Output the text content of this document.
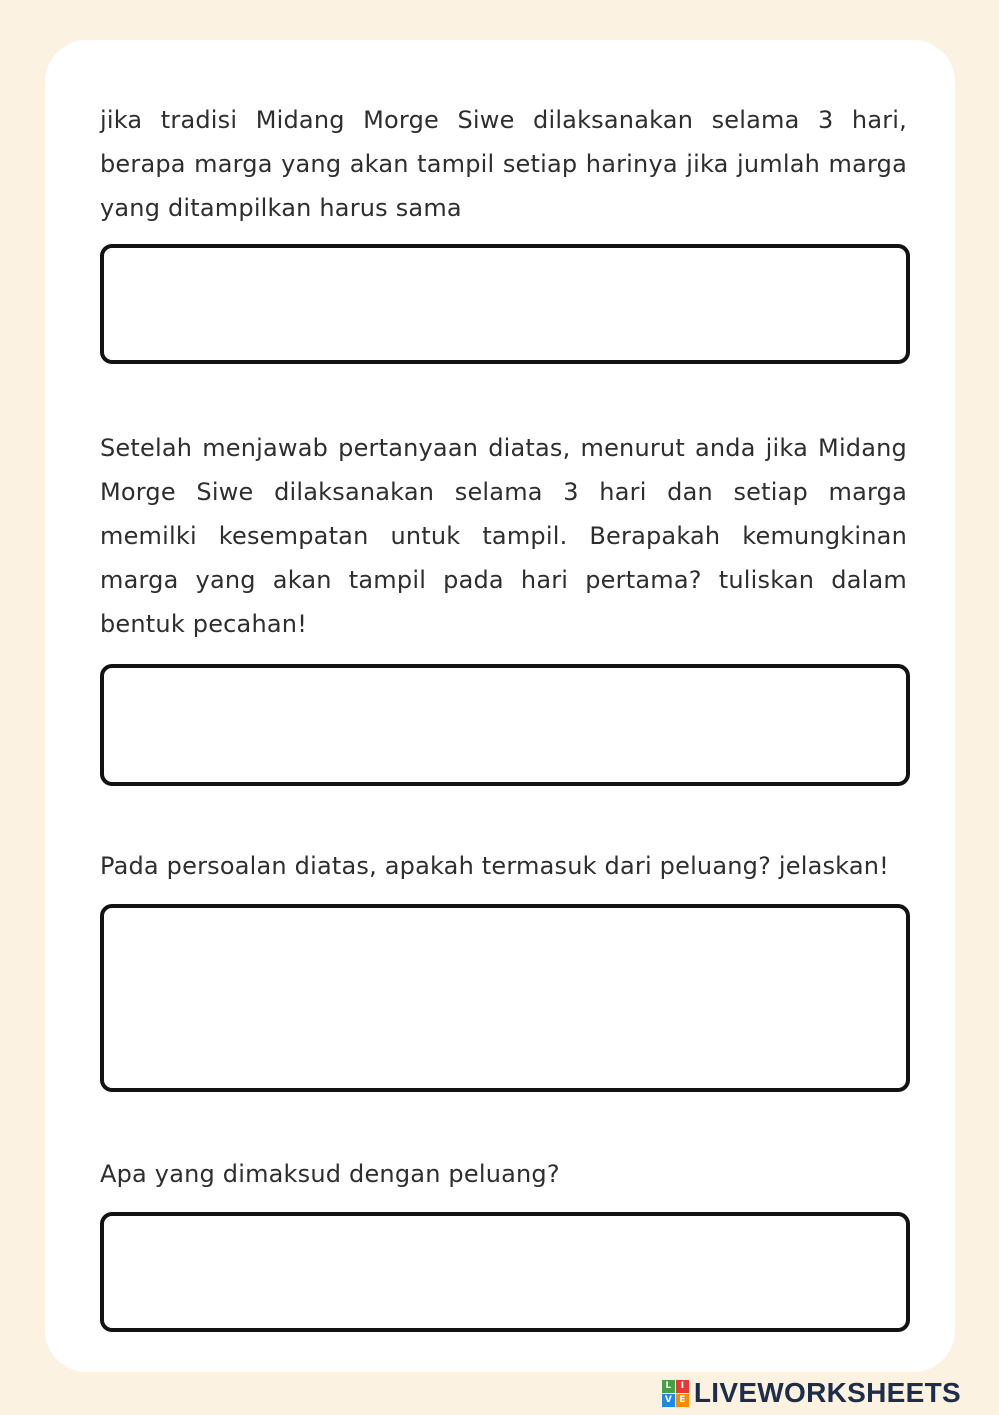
jika tradisi Midang Morge Siwe dilaksanakan selama 3 hari, berapa marga yang akan tampil setiap harinya jika jumlah marga yang ditampilkan harus sama

Setelah menjawab pertanyaan diatas, menurut anda jika Midang Morge Siwe dilaksanakan selama 3 hari dan setiap marga memilki kesempatan untuk tampil. Berapakah kemungkinan marga yang akan tampil pada hari pertama? tuliskan dalam bentuk pecahan!

Pada persoalan diatas, apakah termasuk dari peluang? jelaskan!

Apa yang dimaksud dengan peluang?

L	I
V E LIVEWORKSHEETS
